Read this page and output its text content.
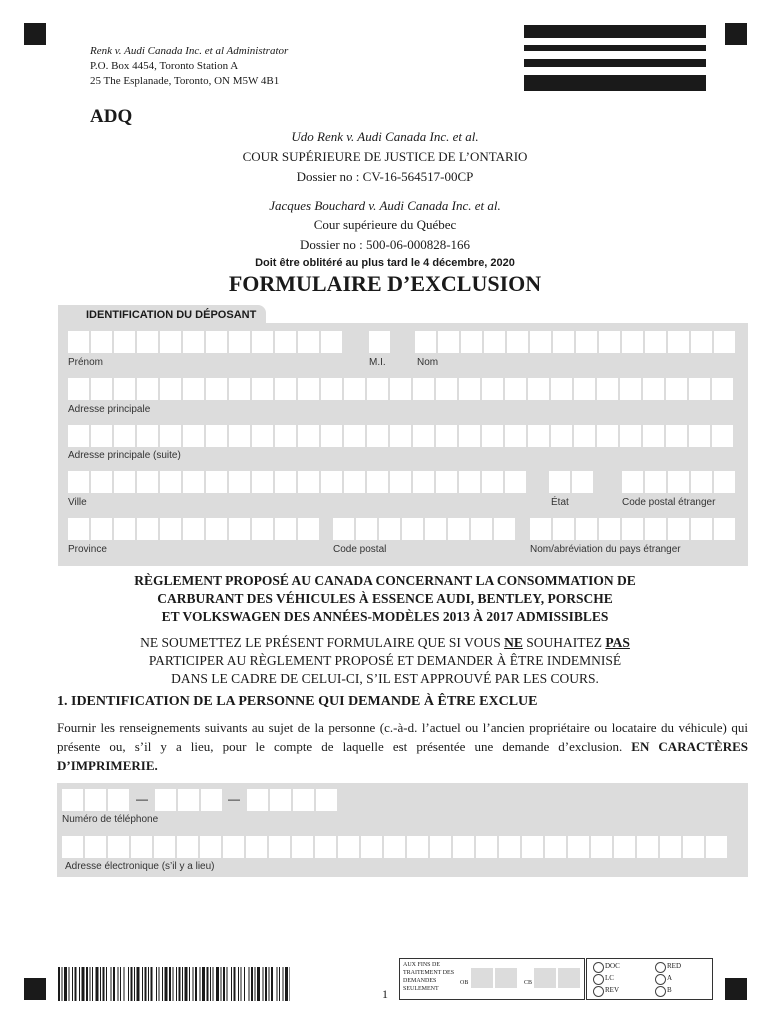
Renk v. Audi Canada Inc. et al Administrator
P.O. Box 4454, Toronto Station A
25 The Esplanade, Toronto, ON M5W 4B1
ADQ
Udo Renk v. Audi Canada Inc. et al.
COUR SUPÉRIEURE DE JUSTICE DE L’ONTARIO
Dossier no : CV-16-564517-00CP
Jacques Bouchard v. Audi Canada Inc. et al.
Cour supérieure du Québec
Dossier no : 500-06-000828-166
Doit être oblitéré au plus tard le 4 décembre, 2020
FORMULAIRE D’EXCLUSION
IDENTIFICATION DU DÉPOSANT
Prénom	M.I.	Nom
Adresse principale
Adresse principale (suite)
Ville	État	Code postal étranger
Province	Code postal	Nom/abréviation du pays étranger
RÈGLEMENT PROPOSÉ AU CANADA CONCERNANT LA CONSOMMATION DE
CARBURANT DES VÉHICULES À ESSENCE AUDI, BENTLEY, PORSCHE
ET VOLKSWAGEN DES ANNÉES-MODÈLES 2013 À 2017 ADMISSIBLES
NE SOUMETTEZ LE PRÉSENT FORMULAIRE QUE SI VOUS NE SOUHAITEZ PAS
PARTICIPER AU RÈGLEMENT PROPOSÉ ET DEMANDER À ÊTRE INDEMNISÉ
DANS LE CADRE DE CELUI-CI, S’IL EST APPROUVÉ PAR LES COURS.
1. IDENTIFICATION DE LA PERSONNE QUI DEMANDE À ÊTRE EXCLUE
Fournir les renseignements suivants au sujet de la personne (c.-à-d. l’actuel ou l’ancien propriétaire ou locataire du véhicule) qui présente ou, s’il y a lieu, pour le compte de laquelle est présentée une demande d’exclusion. EN CARACTÈRES D’IMPRIMERIE.
—	—
Numéro de téléphone
Adresse électronique (s’il y a lieu)
1
AUX FINS DE TRAITEMENT DES DEMANDES SEULEMENT
OB	CB
DOC
LC
REV
RED
A
B
